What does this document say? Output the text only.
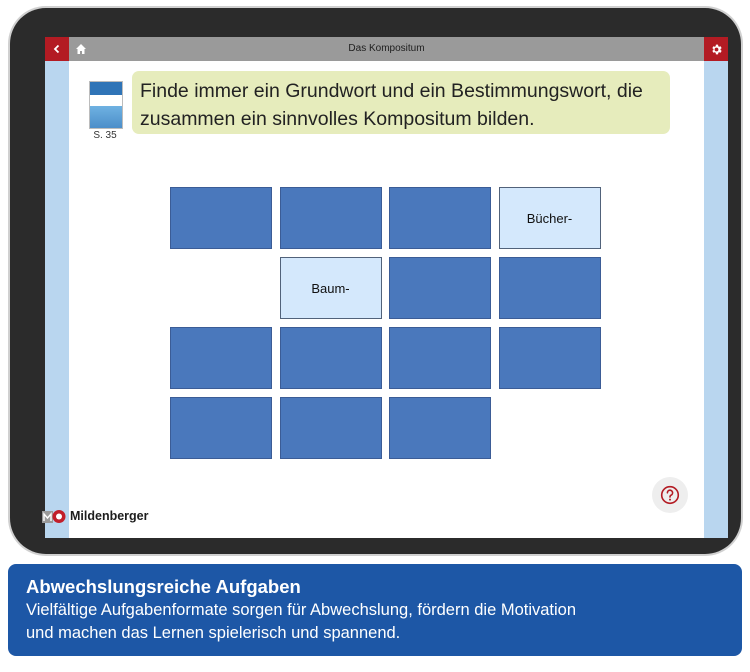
Das Kompositum
S. 35
Finde immer ein Grundwort und ein Bestimmungswort, die zusammen ein sinnvolles Kompositum bilden.
Bücher-
Baum-
Mildenberger
Abwechslungsreiche Aufgaben
Vielfältige Aufgabenformate sorgen für Abwechslung, fördern die Motivation
und machen das Lernen spielerisch und spannend.
